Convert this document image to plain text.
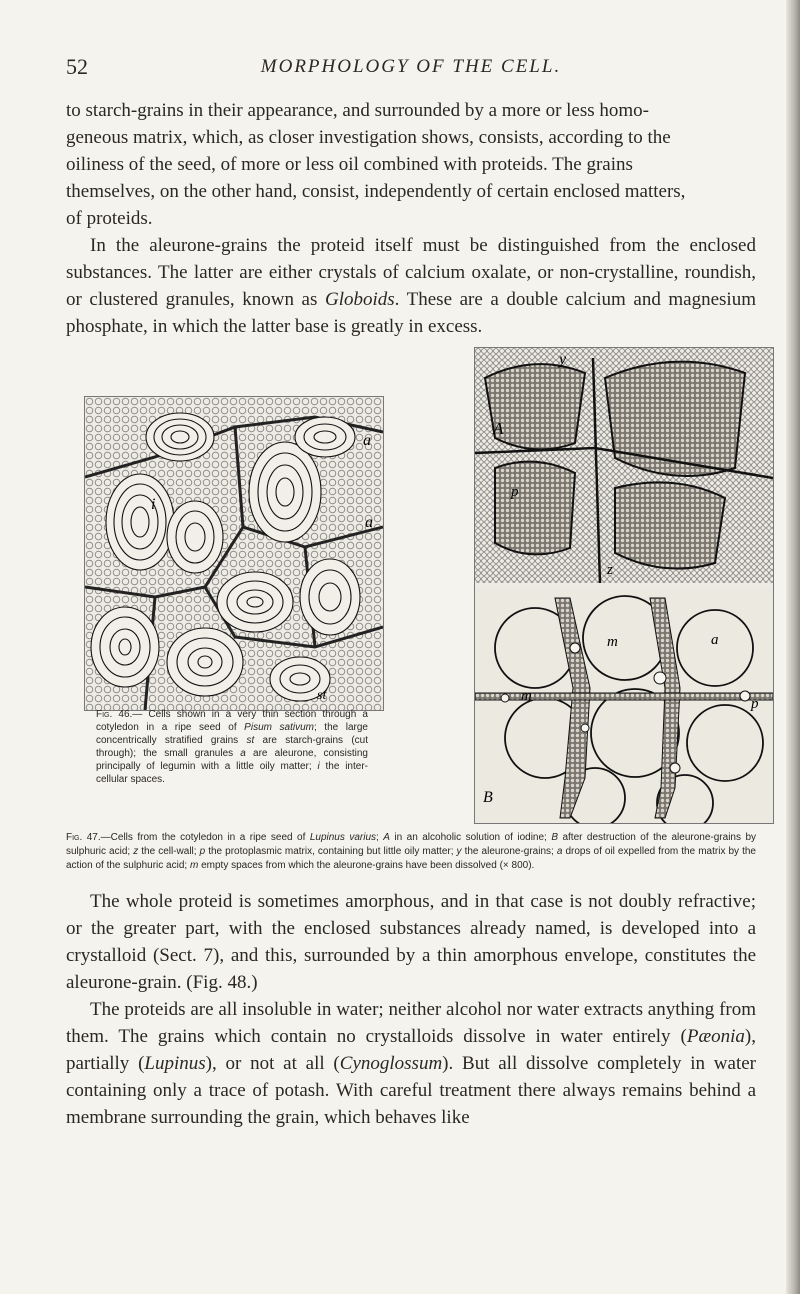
52	MORPHOLOGY OF THE CELL.

to starch-grains in their appearance, and surrounded by a more or less homo-

geneous matrix, which, as closer investigation shows, consists, according to the

oiliness of the seed, of more or less oil combined with proteids. The grains

themselves, on the other hand, consist, independently of certain enclosed matters,

of proteids.

In the aleurone-grains the proteid itself must be distinguished from the enclosed substances. The latter are either crystals of calcium oxalate, or non-crystalline, roundish, or clustered granules, known as Globoids. These are a double calcium and magnesium phosphate, in which the latter base is greatly in excess.

a
a
i
st

Fig. 46.— Cells shown in a very thin section through a cotyledon in a ripe seed of Pisum sativum; the large concentrically stratified grains st are starch-grains (cut through); the small granules a are aleurone, consisting principally of legumin with a little oily matter; i the inter-cellular spaces.

y
A
p
z
a
m
m	p
B

Fig. 47.—Cells from the cotyledon in a ripe seed of Lupinus varius; A in an alcoholic solution of iodine; B after destruction of the aleurone-grains by sulphuric acid; z the cell-wall; p the protoplasmic matrix, containing but little oily matter; y the aleurone-grains; a drops of oil expelled from the matrix by the action of the sulphuric acid; m empty spaces from which the aleurone-grains have been dissolved (× 800).

The whole proteid is sometimes amorphous, and in that case is not doubly refractive; or the greater part, with the enclosed substances already named, is developed into a crystalloid (Sect. 7), and this, surrounded by a thin amorphous envelope, constitutes the aleurone-grain. (Fig. 48.)

The proteids are all insoluble in water; neither alcohol nor water extracts anything from them. The grains which contain no crystalloids dissolve in water entirely (Pæonia), partially (Lupinus), or not at all (Cynoglossum). But all dissolve completely in water containing only a trace of potash. With careful treatment there always remains behind a membrane surrounding the grain, which behaves like
